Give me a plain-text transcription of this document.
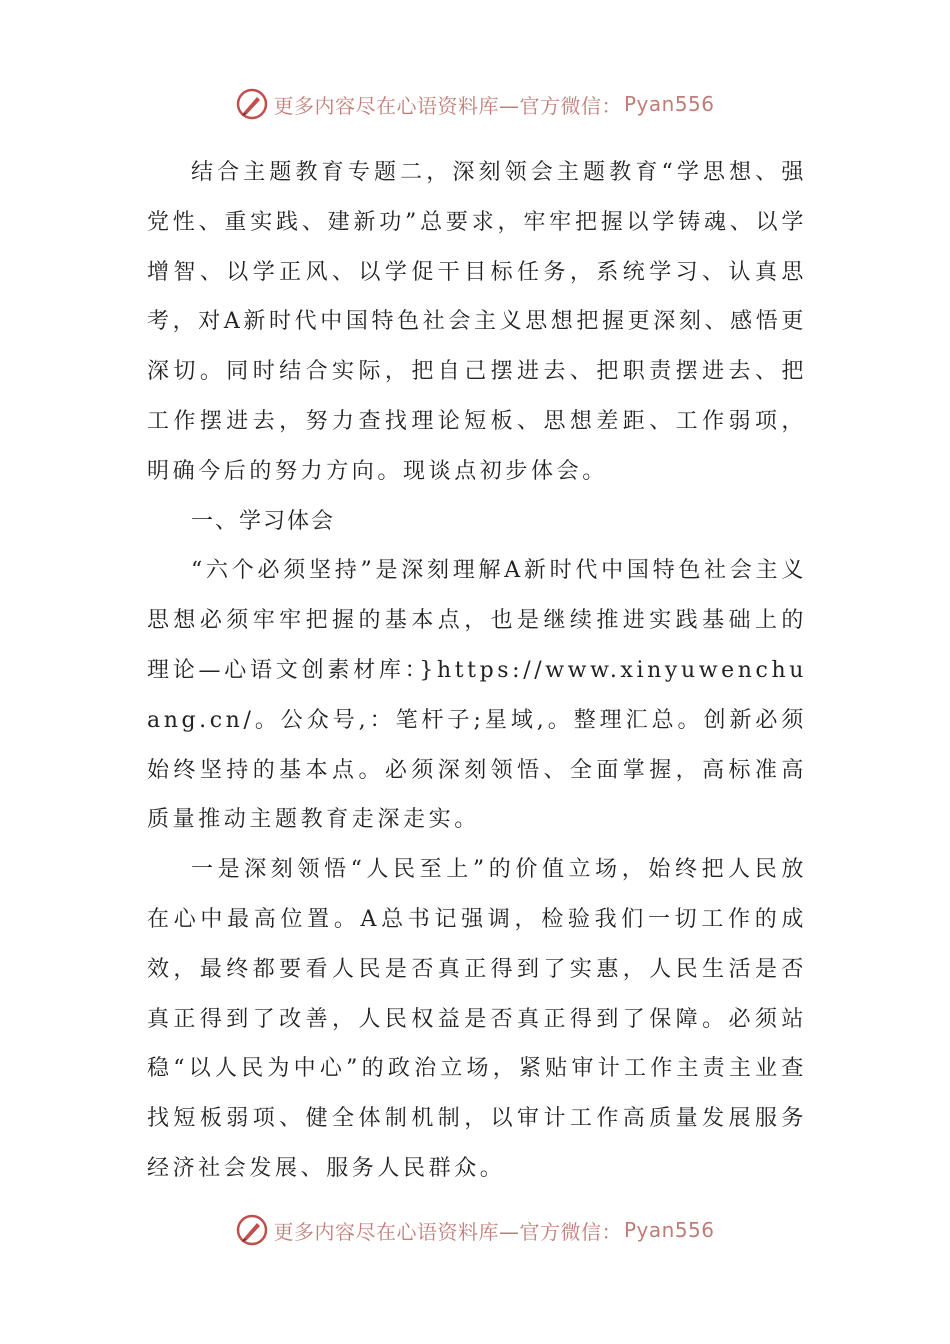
更多内容尽在心语资料库—官方微信： Pyan556

结合主题教育专题二，深刻领会主题教育“学思想、强党性、重实践、建新功”总要求，牢牢把握以学铸魂、以学增智、以学正风、以学促干目标任务，系统学习、认真思考，对A新时代中国特色社会主义思想把握更深刻、感悟更深切。同时结合实际，把自己摆进去、把职责摆进去、把工作摆进去，努力查找理论短板、思想差距、工作弱项，明确今后的努力方向。现谈点初步体会。

一、学习体会

“六个必须坚持”是深刻理解A新时代中国特色社会主义思想必须牢牢把握的基本点，也是继续推进实践基础上的理论—心语文创素材库：}https://www.xinyuwenchuang.cn/。公众号,：笔杆子;星域,。整理汇总。创新必须始终坚持的基本点。必须深刻领悟、全面掌握，高标准高质量推动主题教育走深走实。

一是深刻领悟“人民至上”的价值立场，始终把人民放在心中最高位置。A总书记强调，检验我们一切工作的成效，最终都要看人民是否真正得到了实惠，人民生活是否真正得到了改善，人民权益是否真正得到了保障。必须站稳“以人民为中心”的政治立场，紧贴审计工作主责主业查找短板弱项、健全体制机制，以审计工作高质量发展服务经济社会发展、服务人民群众。

更多内容尽在心语资料库—官方微信： Pyan556
